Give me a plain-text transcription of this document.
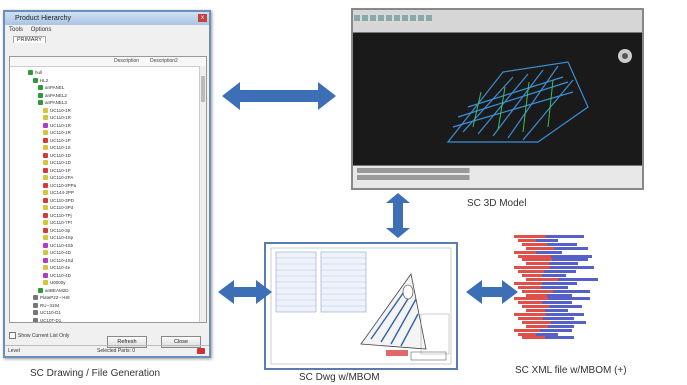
Product Hierarchy	x
Tools Options
PRIMARY
Description Description2
hull
HL2
anPANEL
anPANEL2
anPANEL3
UC110-1R
UC110-1R
UC110-1R
UC110-1R
UC110-1P
UC110-1S
UC110-1D
UC110-1D
UC110-1P
UC110-2PA
UC110-2PPa
UC144-2PP
UC110-3PD
UC110-3Pd
UC110-7Pj
UC110-7Pr
UC110-3p
UC110-4Sp
UC110-4Sb
UC110-4D
UC110-4Sd
UC110-4e
UC110-4D
U0000y
anBEAM2D
PlateP22-->H8
RU--3194
UC110-D1
UC10T-D1
Show Current List Only
Refresh	Close
Level	Selected Parts: 0
SC Drawing / File Generation
SC 3D Model
SC Dwg w/MBOM
SC XML file w/MBOM (+)
